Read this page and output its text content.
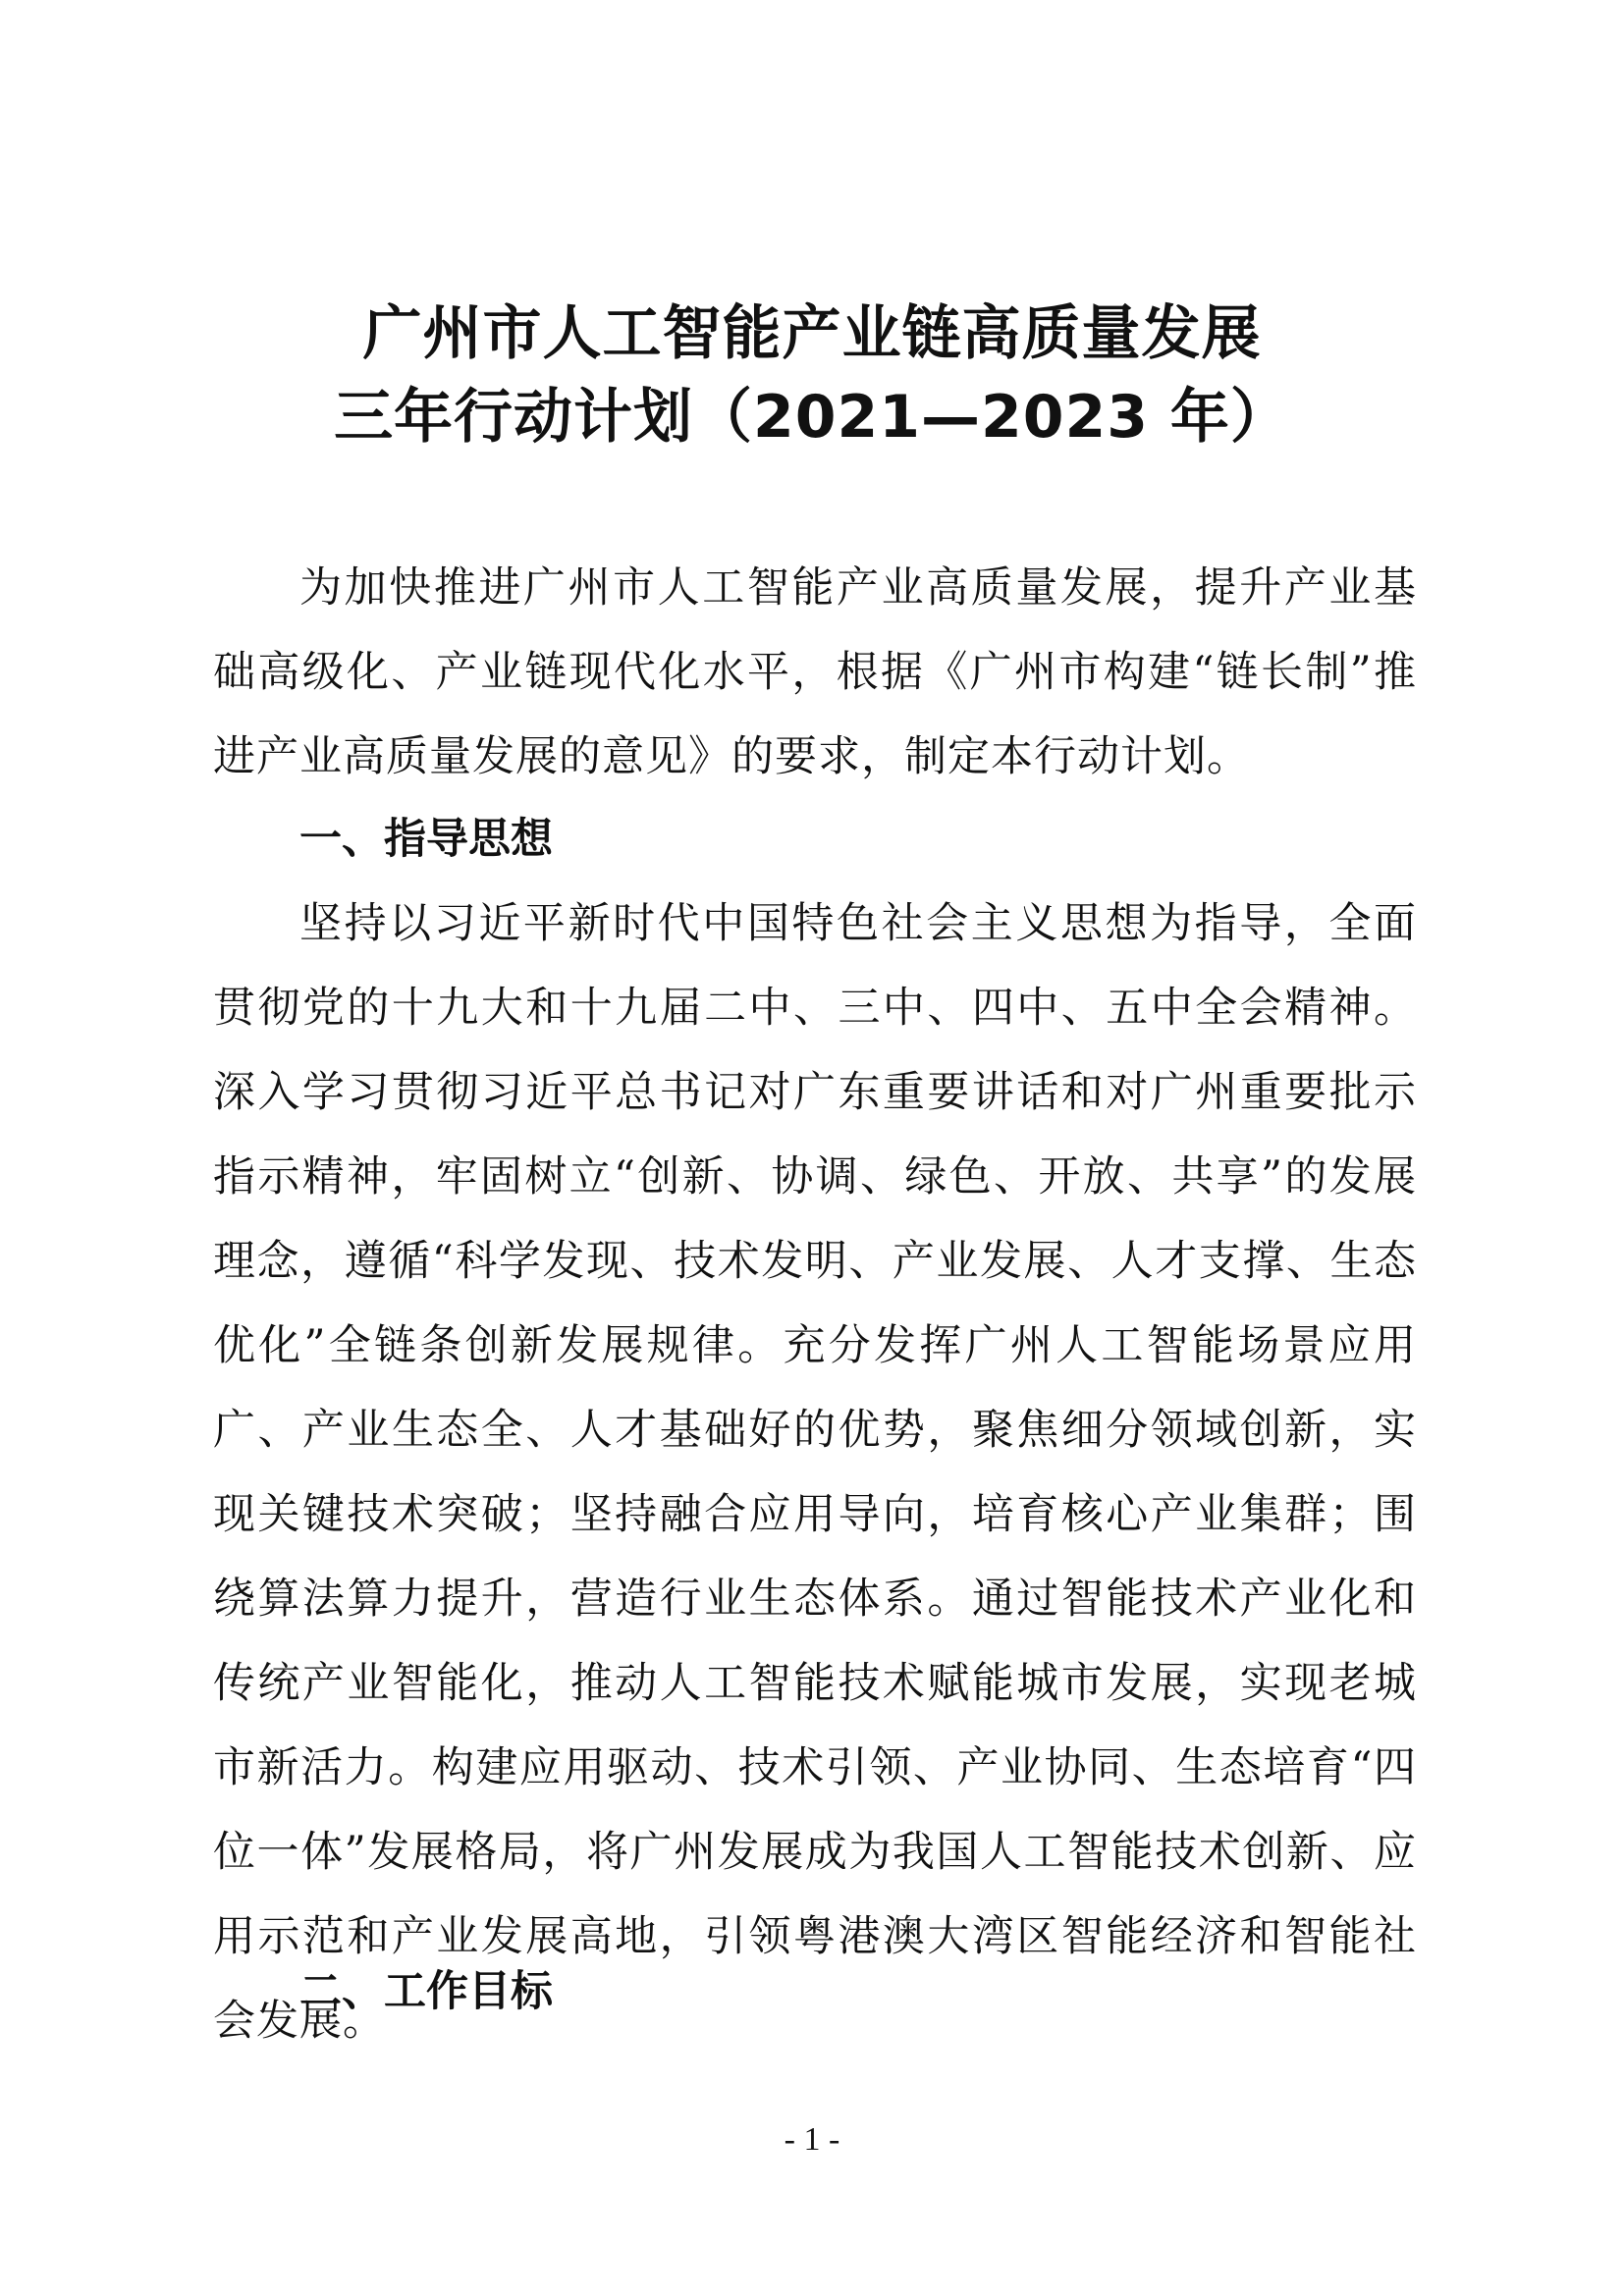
广州市人工智能产业链高质量发展
三年行动计划（2021—2023 年）
为加快推进广州市人工智能产业高质量发展，提升产业基础高级化、产业链现代化水平，根据《广州市构建“链长制”推进产业高质量发展的意见》的要求，制定本行动计划。
一、指导思想
坚持以习近平新时代中国特色社会主义思想为指导，全面贯彻党的十九大和十九届二中、三中、四中、五中全会精神。深入学习贯彻习近平总书记对广东重要讲话和对广州重要批示指示精神，牢固树立“创新、协调、绿色、开放、共享”的发展理念，遵循“科学发现、技术发明、产业发展、人才支撑、生态优化”全链条创新发展规律。充分发挥广州人工智能场景应用广、产业生态全、人才基础好的优势，聚焦细分领域创新，实现关键技术突破；坚持融合应用导向，培育核心产业集群；围绕算法算力提升，营造行业生态体系。通过智能技术产业化和传统产业智能化，推动人工智能技术赋能城市发展，实现老城市新活力。构建应用驱动、技术引领、产业协同、生态培育“四位一体”发展格局，将广州发展成为我国人工智能技术创新、应用示范和产业发展高地，引领粤港澳大湾区智能经济和智能社会发展。
二、工作目标
- 1 -
